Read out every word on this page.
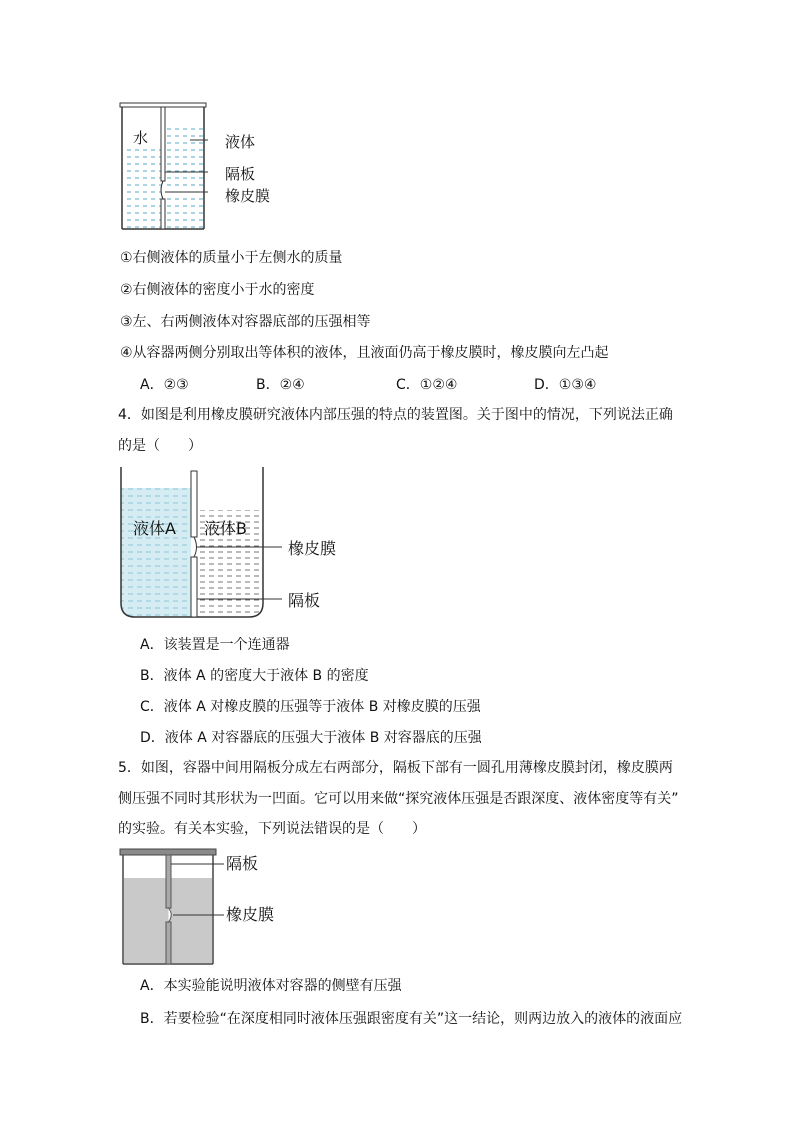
水	液体
隔板
橡皮膜
①右侧液体的质量小于左侧水的质量
②右侧液体的密度小于水的密度
③左、右两侧液体对容器底部的压强相等
④从容器两侧分别取出等体积的液体，且液面仍高于橡皮膜时，橡皮膜向左凸起
A．②③	B．②④	C．①②④	D．①③④
4．如图是利用橡皮膜研究液体内部压强的特点的装置图。关于图中的情况，下列说法正确
的是（　　）
液体A 液体B
橡皮膜
隔板
A．该装置是一个连通器
B．液体 A 的密度大于液体 B 的密度
C．液体 A 对橡皮膜的压强等于液体 B 对橡皮膜的压强
D．液体 A 对容器底的压强大于液体 B 对容器底的压强
5．如图，容器中间用隔板分成左右两部分，隔板下部有一圆孔用薄橡皮膜封闭，橡皮膜两
侧压强不同时其形状为一凹面。它可以用来做“探究液体压强是否跟深度、液体密度等有关”
的实验。有关本实验，下列说法错误的是（　　）
隔板
橡皮膜
A．本实验能说明液体对容器的侧壁有压强
B．若要检验“在深度相同时液体压强跟密度有关”这一结论，则两边放入的液体的液面应
